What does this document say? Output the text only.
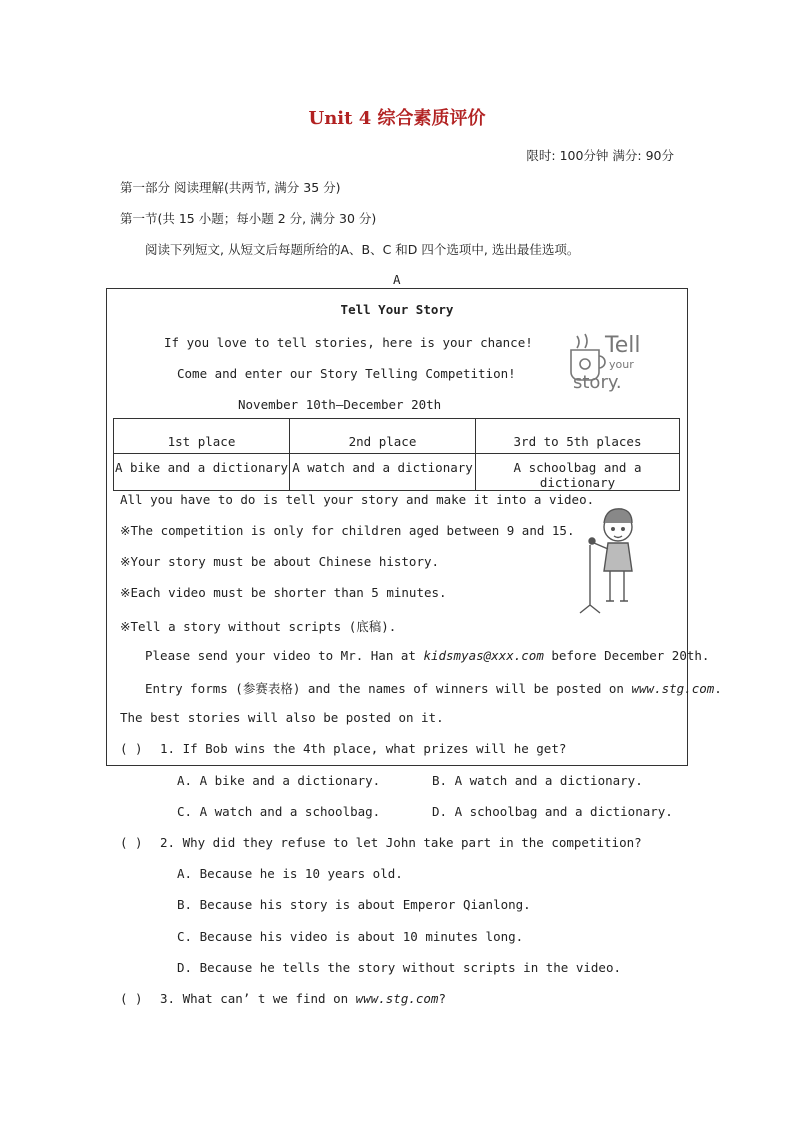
Unit 4 综合素质评价
限时: 100分钟 满分: 90分
第一部分 阅读理解(共两节, 满分 35 分)
第一节(共 15 小题；每小题 2 分, 满分 30 分)
阅读下列短文, 从短文后每题所给的A、B、C 和D 四个选项中, 选出最佳选项。
A
Tell Your Story
If you love to tell stories, here is your chance!
Come and enter our Story Telling Competition!
November 10th—December 20th
Tell
your
story.
1st place	2nd place	3rd to 5th places
A bike and a dictionary	A watch and a dictionary	A schoolbag and a dictionary
All you have to do is tell your story and make it into a video.
※The competition is only for children aged between 9 and 15.
※Your story must be about Chinese history.
※Each video must be shorter than 5 minutes.
※Tell a story without scripts (底稿).
Please send your video to Mr. Han at kidsmyas@xxx.com before December 20th.
Entry forms (参赛表格) and the names of winners will be posted on www.stg.com.
The best stories will also be posted on it.
( ) 1. If Bob wins the 4th place, what prizes will he get?
A. A bike and a dictionary.	B. A watch and a dictionary.
C. A watch and a schoolbag.	D. A schoolbag and a dictionary.
( ) 2. Why did they refuse to let John take part in the competition?
A. Because he is 10 years old.
B. Because his story is about Emperor Qianlong.
C. Because his video is about 10 minutes long.
D. Because he tells the story without scripts in the video.
( ) 3. What can’ t we find on www.stg.com?
